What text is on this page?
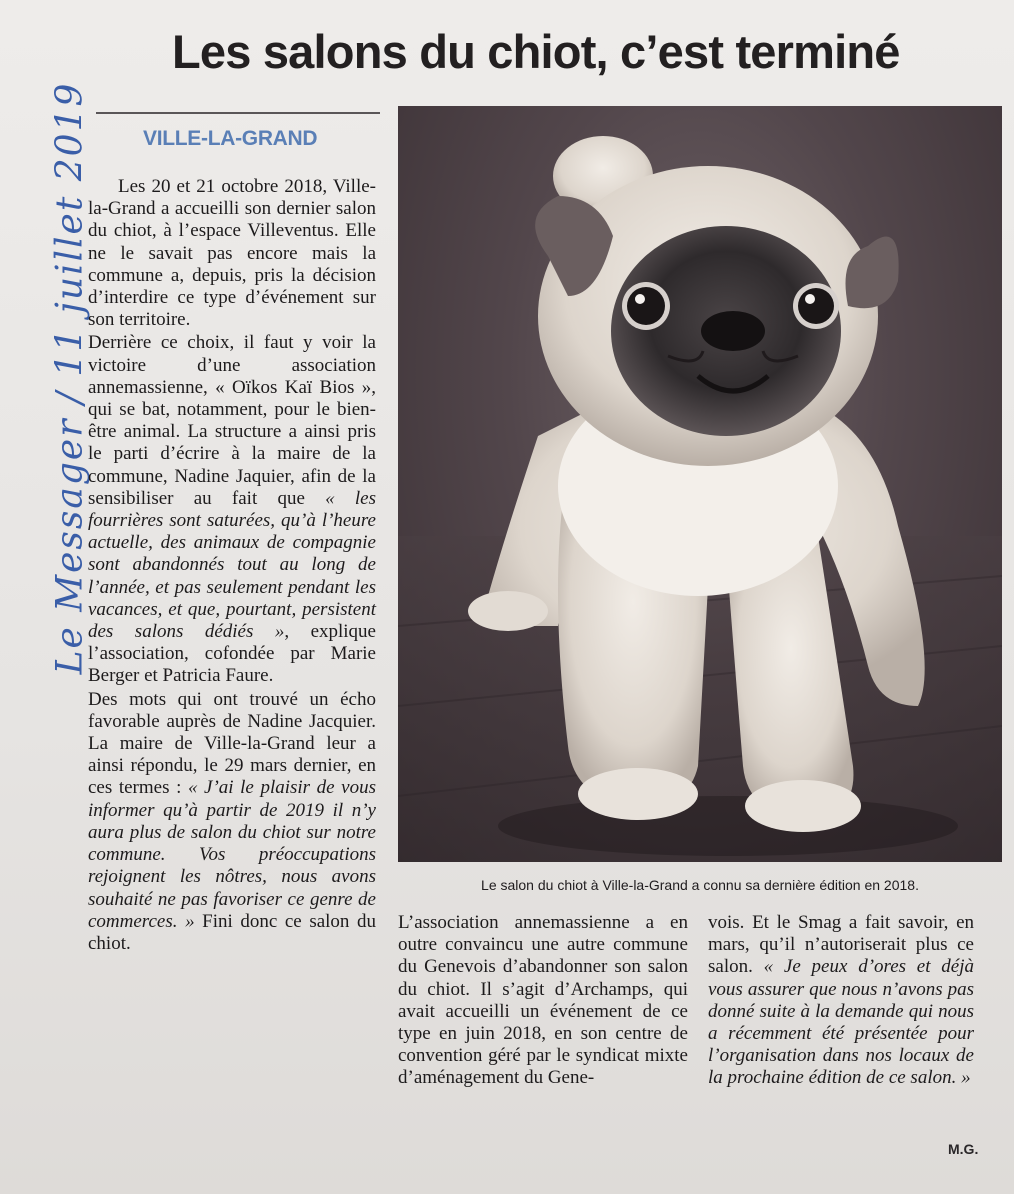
Les salons du chiot, c’est terminé
VILLE-LA-GRAND
Le Messager / 11 juillet 2019	Les 20 et 21 octobre 2018, Ville-la-Grand a accueilli son dernier salon du chiot, à l’espace Villeventus. Elle ne le savait pas encore mais la commune a, depuis, pris la décision d’interdire ce type d’événement sur son territoire.

Derrière ce choix, il faut y voir la victoire d’une association annemassienne, « Oïkos Kaï Bios », qui se bat, notamment, pour le bien-être animal. La structure a ainsi pris le parti d’écrire à la maire de la commune, Nadine Jaquier, afin de la sensibiliser au fait que « les fourrières sont saturées, qu’à l’heure actuelle, des animaux de compagnie sont abandonnés tout au long de l’année, et pas seulement pendant les vacances, et que, pourtant, persistent des salons dédiés », explique l’association, cofondée par Marie Berger et Patricia Faure.

Des mots qui ont trouvé un écho favorable auprès de Nadine Jacquier. La maire de Ville-la-Grand leur a ainsi répondu, le 29 mars dernier, en ces termes : « J’ai le plaisir de vous informer qu’à partir de 2019 il n’y aura plus de salon du chiot sur notre commune. Vos préoccupations rejoignent les nôtres, nous avons souhaité ne pas favoriser ce genre de commerces. » Fini donc ce salon du chiot.

Le salon du chiot à Ville-la-Grand a connu sa dernière édition en 2018.

L’association annemassienne a en outre convaincu une autre commune du Genevois d’abandonner son salon du chiot. Il s’agit d’Archamps, qui avait accueilli un événement de ce type en juin 2018, en son centre de convention géré par le syndicat mixte d’aménagement du Gene-

vois. Et le Smag a fait savoir, en mars, qu’il n’autoriserait plus ce salon. « Je peux d’ores et déjà vous assurer que nous n’avons pas donné suite à la demande qui nous a récemment été présentée pour l’organisation dans nos locaux de la prochaine édition de ce salon. »

M.G.
